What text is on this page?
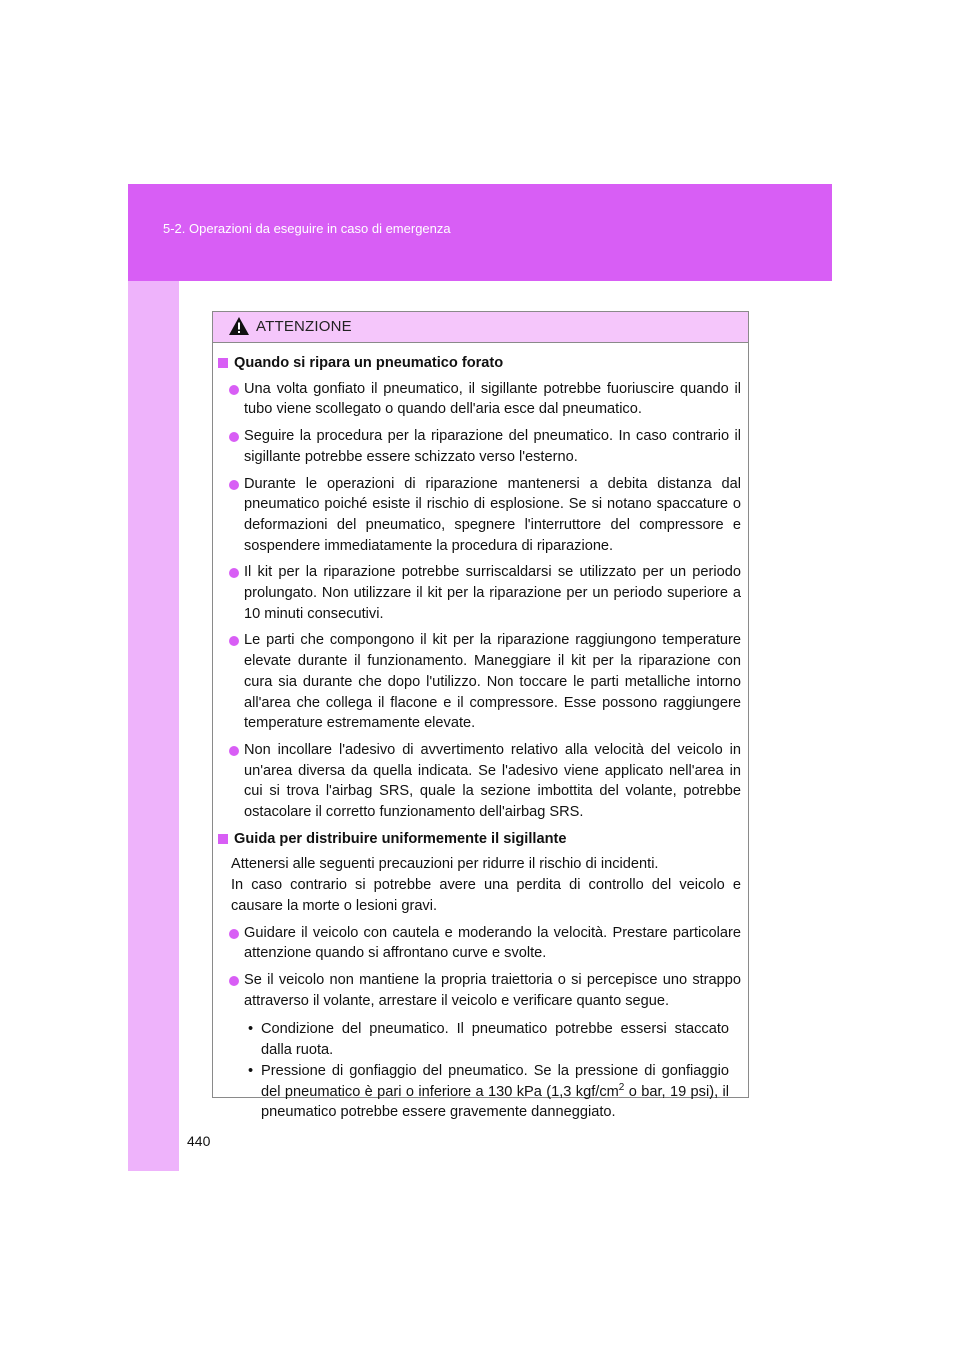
5-2. Operazioni da eseguire in caso di emergenza
ATTENZIONE
Quando si ripara un pneumatico forato
Una volta gonfiato il pneumatico, il sigillante potrebbe fuoriuscire quando il tubo viene scollegato o quando dell'aria esce dal pneumatico.
Seguire la procedura per la riparazione del pneumatico. In caso contrario il sigillante potrebbe essere schizzato verso l'esterno.
Durante le operazioni di riparazione mantenersi a debita distanza dal pneumatico poiché esiste il rischio di esplosione. Se si notano spaccature o deformazioni del pneumatico, spegnere l'interruttore del compressore e sospendere immediatamente la procedura di riparazione.
Il kit per la riparazione potrebbe surriscaldarsi se utilizzato per un periodo prolungato. Non utilizzare il kit per la riparazione per un periodo superiore a 10 minuti consecutivi.
Le parti che compongono il kit per la riparazione raggiungono temperature elevate durante il funzionamento. Maneggiare il kit per la riparazione con cura sia durante che dopo l'utilizzo. Non toccare le parti metalliche intorno all'area che collega il flacone e il compressore. Esse possono raggiungere temperature estremamente elevate.
Non incollare l'adesivo di avvertimento relativo alla velocità del veicolo in un'area diversa da quella indicata. Se l'adesivo viene applicato nell'area in cui si trova l'airbag SRS, quale la sezione imbottita del volante, potrebbe ostacolare il corretto funzionamento dell'airbag SRS.
Guida per distribuire uniformemente il sigillante

Attenersi alle seguenti precauzioni per ridurre il rischio di incidenti.

In caso contrario si potrebbe avere una perdita di controllo del veicolo e causare la morte o lesioni gravi.

Guidare il veicolo con cautela e moderando la velocità. Prestare particolare attenzione quando si affrontano curve e svolte.
Se il veicolo non mantiene la propria traiettoria o si percepisce uno strappo attraverso il volante, arrestare il veicolo e verificare quanto segue.
• Condizione del pneumatico. Il pneumatico potrebbe essersi staccato dalla ruota.
• Pressione di gonfiaggio del pneumatico. Se la pressione di gonfiaggio del pneumatico è pari o inferiore a 130 kPa (1,3 kgf/$cm^2$ o bar, 19 psi), il pneumatico potrebbe essere gravemente danneggiato.
440
